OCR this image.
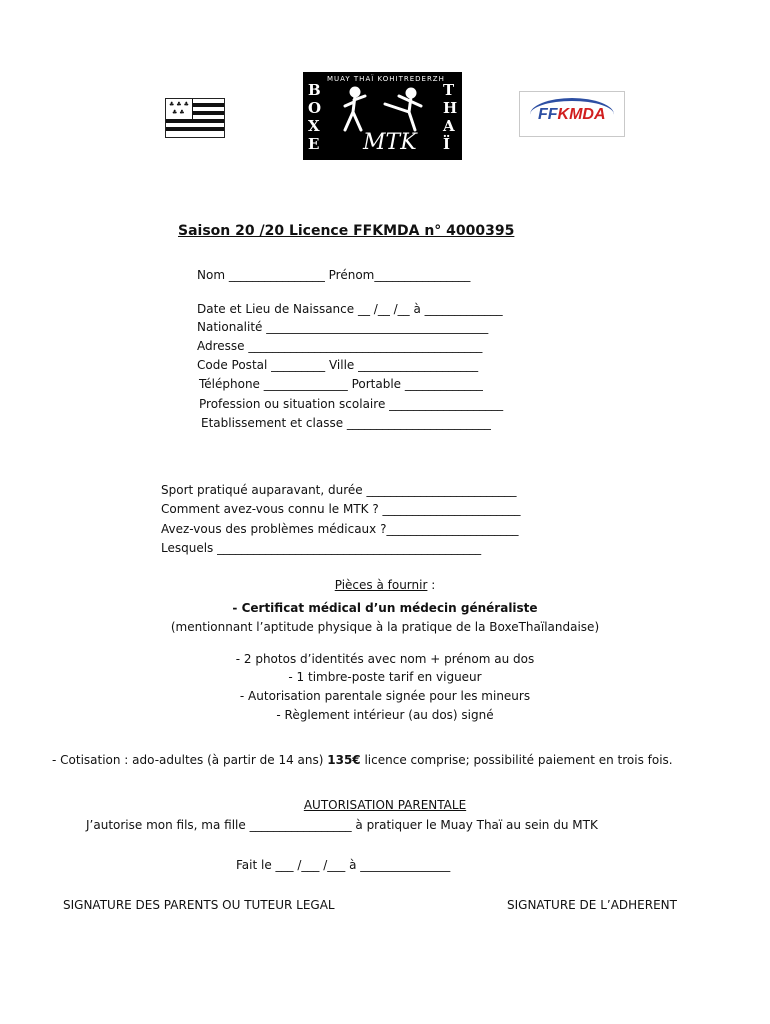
♣ ♣ ♣
♣ ♣
MUAY THAÏ KOHITREDERZH
B
O
X
E
T
H
A
Ï
MTK
FFKMDA
Saison 20 /20 Licence FFKMDA n° 4000395
Nom ________________ Prénom________________
Date et Lieu de Naissance __ /__ /__ à _____________
Nationalité _____________________________________
Adresse _______________________________________
Code Postal _________ Ville ____________________
Téléphone ______________ Portable _____________
Profession ou situation scolaire ___________________
Etablissement et classe ________________________
Sport pratiqué auparavant, durée _________________________
Comment avez-vous connu le MTK ? _______________________
Avez-vous des problèmes médicaux ?______________________
Lesquels ____________________________________________
Pièces à fournir :
- Certificat médical d’un médecin généraliste
(mentionnant l’aptitude physique à la pratique de la BoxeThaïlandaise)
- 2 photos d’identités avec nom + prénom au dos
- 1 timbre-poste tarif en vigueur
- Autorisation parentale signée pour les mineurs
- Règlement intérieur (au dos) signé
- Cotisation : ado-adultes (à partir de 14 ans) 135€ licence comprise; possibilité paiement en trois fois.
AUTORISATION PARENTALE
J’autorise mon fils, ma fille _________________ à pratiquer le Muay Thaï au sein du MTK
Fait le ___ /___ /___ à _______________
SIGNATURE DES PARENTS OU TUTEUR LEGAL	SIGNATURE DE L’ADHERENT
